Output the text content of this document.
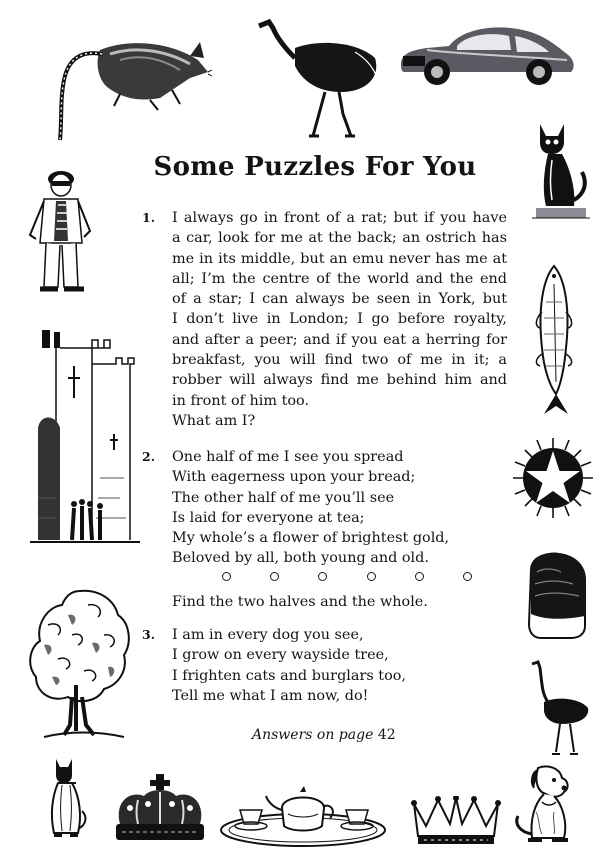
Some Puzzles For You
1. I always go in front of a rat; but if you have
a car, look for me at the back; an ostrich has
me in its middle, but an emu never has me at
all; I’m the centre of the world and the end
of a star; I can always be seen in York, but
I don’t live in London; I go before royalty,
and after a peer; and if you eat a herring for
breakfast, you will find two of me in it; a
robber will always find me behind him and
in front of him too.
What am I?
2. One half of me I see you spread
With eagerness upon your bread;
The other half of me you’ll see
Is laid for everyone at tea;
My whole’s a flower of brightest gold,
Beloved by all, both young and old.
Find the two halves and the whole.
3. I am in every dog you see,
I grow on every wayside tree,
I frighten cats and burglars too,
Tell me what I am now, do!
Answers on page 42
